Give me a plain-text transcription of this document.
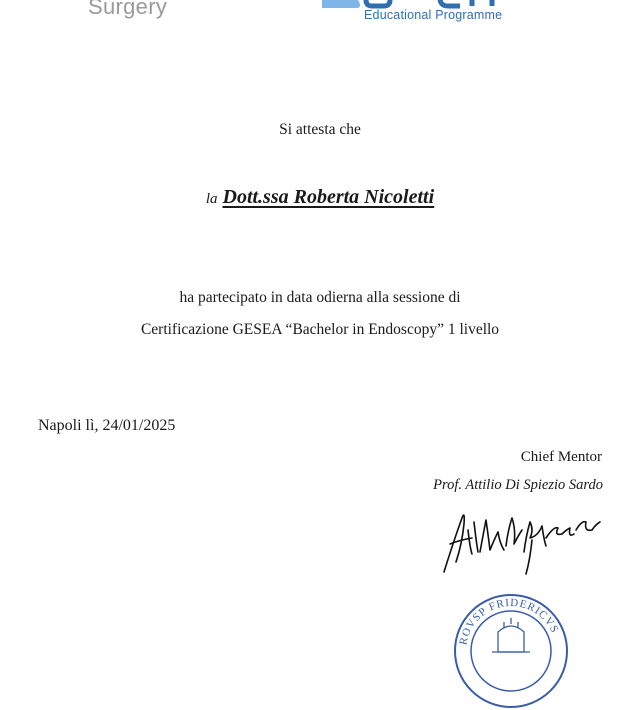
Surgery	Educational Programme
Si attesta che
la Dott.ssa Roberta Nicoletti
ha partecipato in data odierna alla sessione di
Certificazione GESEA “Bachelor in Endoscopy” 1 livello
Napoli lì, 24/01/2025
Chief Mentor
Prof. Attilio Di Spiezio Sardo
ROVSP FRIDERICVS
